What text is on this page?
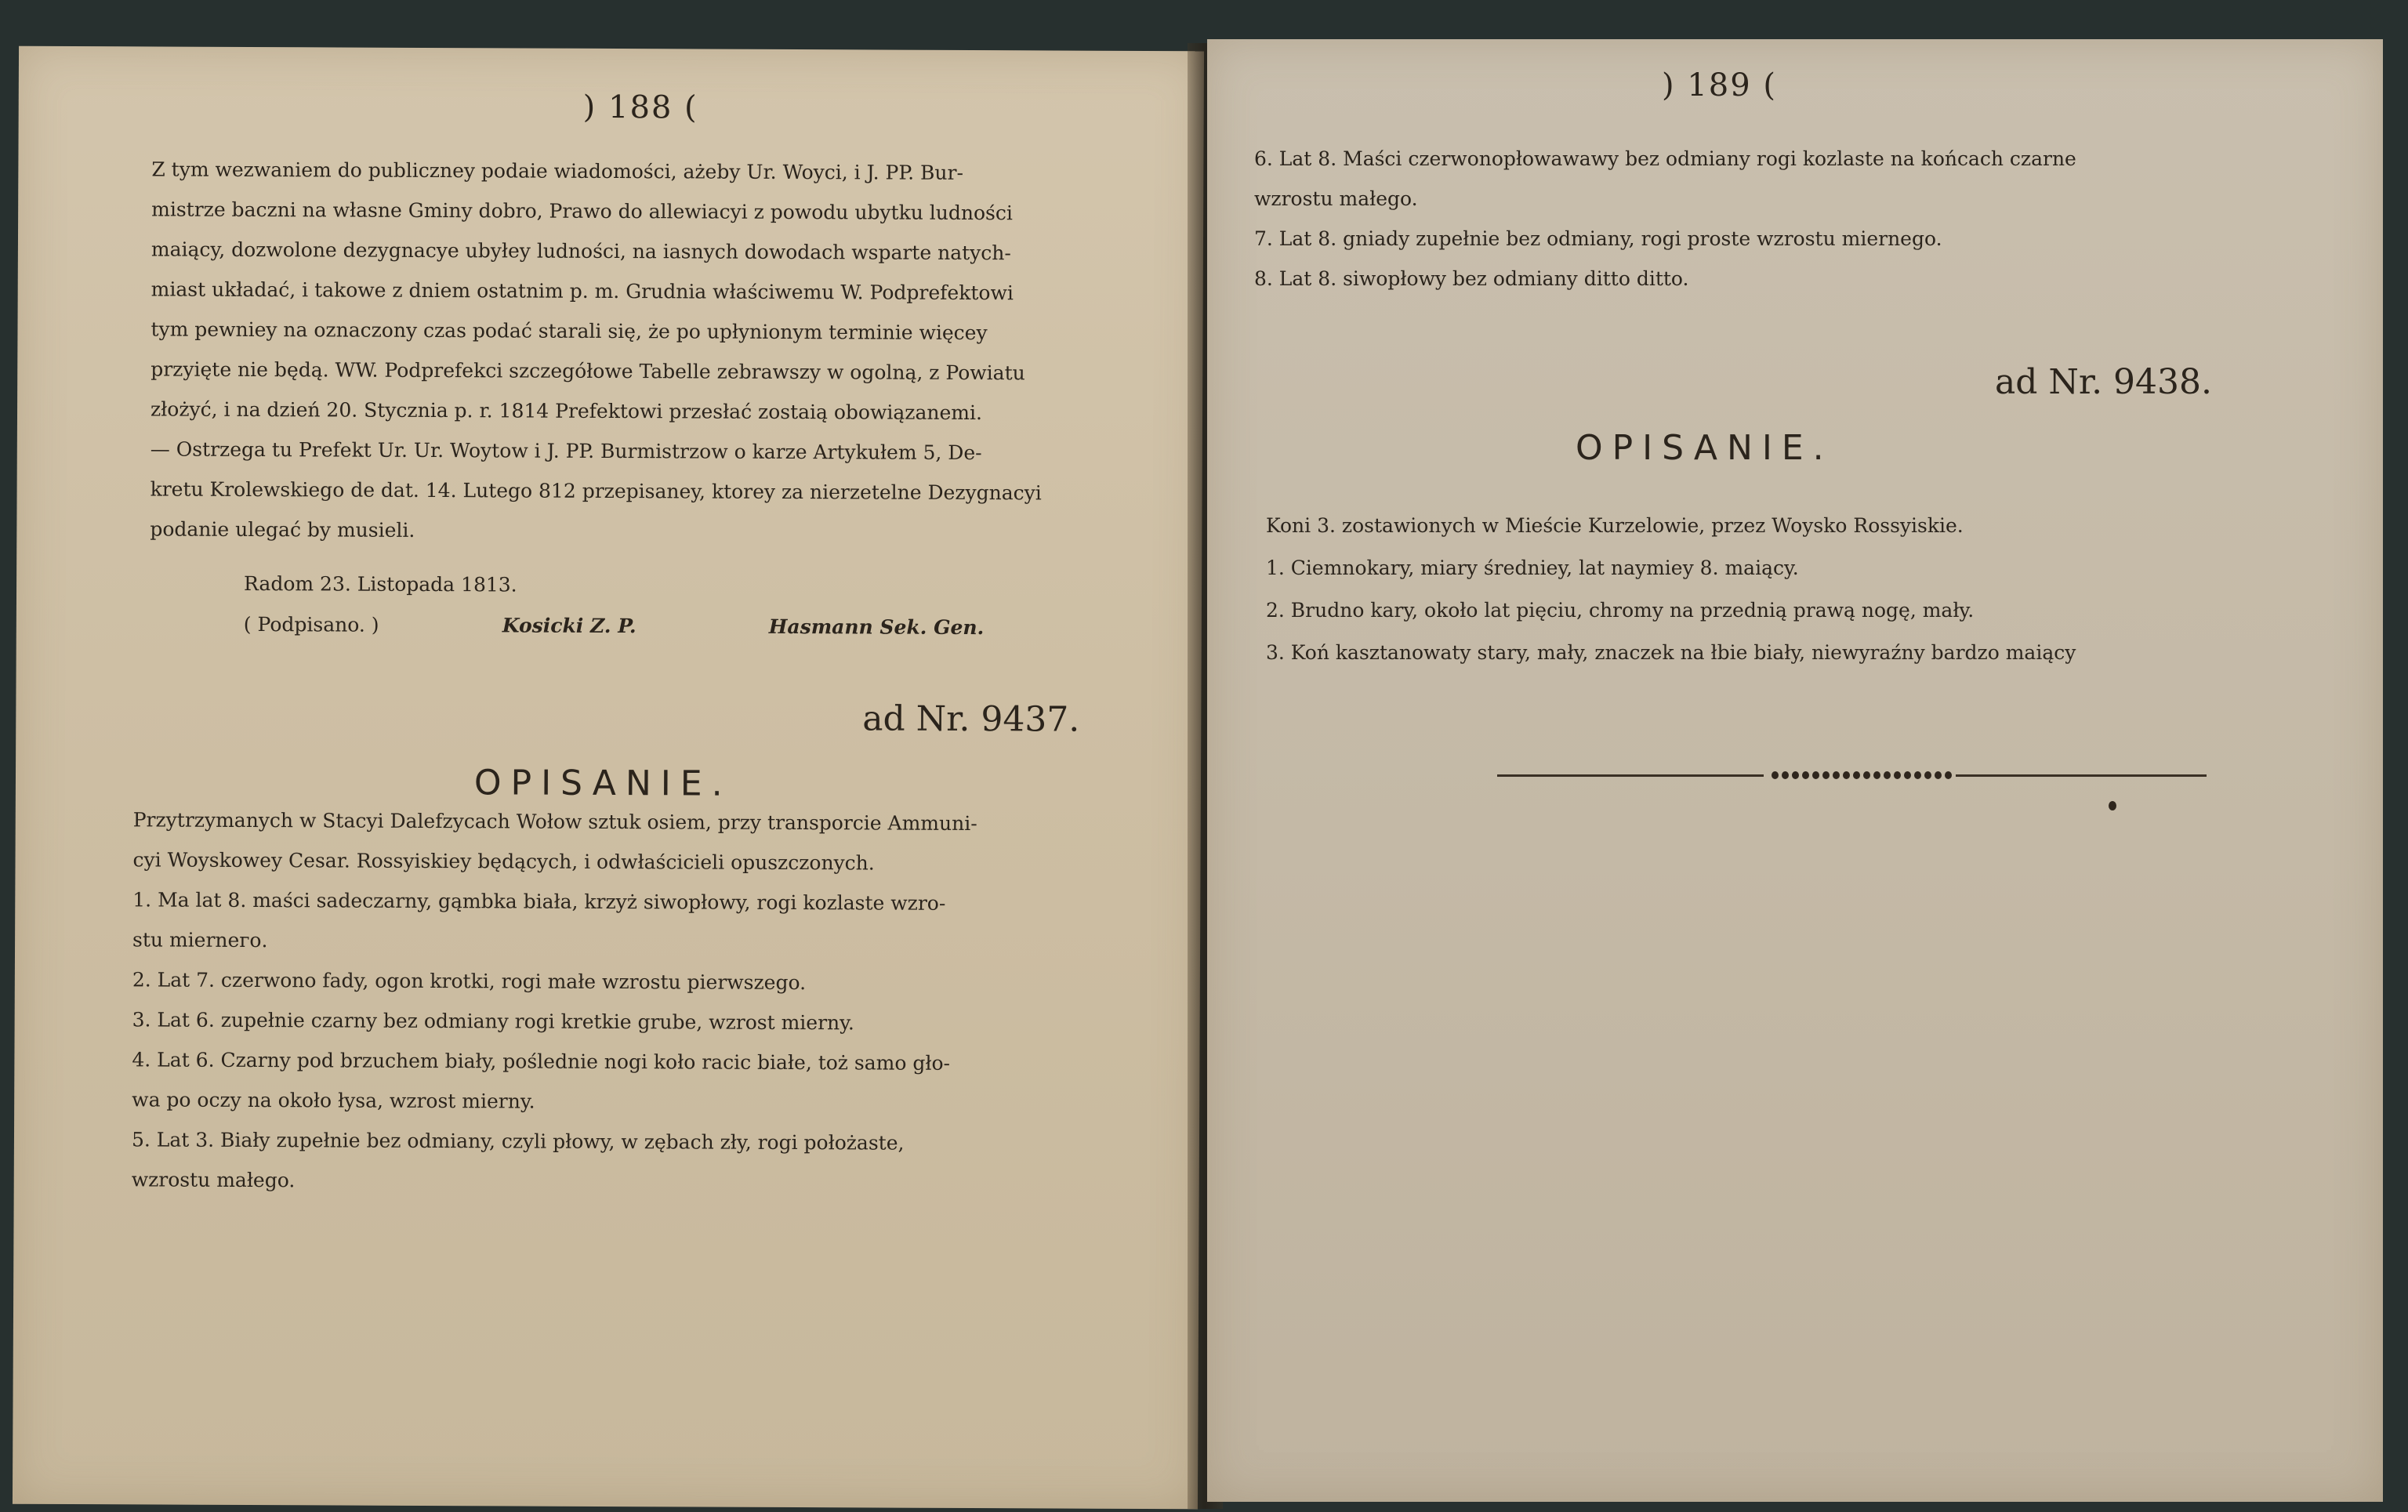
) 188 (
Z tym wezwaniem do publiczney podaie wiadomości, ażeby Ur. Woyci, i J. PP. Bur-
mistrze baczni na własne Gminy dobro, Prawo do allewiacyi z powodu ubytku ludności
maiący, dozwolone dezygnacye ubyłey ludności, na iasnych dowodach wsparte natych-
miast układać, i takowe z dniem ostatnim p. m. Grudnia właściwemu W. Podprefektowi
tym pewniey na oznaczony czas podać starali się, że po upłynionym terminie więcey
przyięte nie będą. WW. Podprefekci szczegółowe Tabelle zebrawszy w ogolną, z Powiatu
złożyć, i na dzień 20. Stycznia p. r. 1814 Prefektowi przesłać zostaią obowiązanemi.
— Ostrzega tu Prefekt Ur. Ur. Woytow i J. PP. Burmistrzow o karze Artykułem 5, De-
kretu Krolewskiego de dat. 14. Lutego 812 przepisaney, ktorey za nierzetelne Dezygnacyi
podanie ulegać by musieli.
Radom 23. Listopada 1813.
( Podpisano. )	Kosicki Z. P.	Hasmann Sek. Gen.
ad Nr. 9437.
OPISANIE.
Przytrzymanych w Stacyi Dalefzycach Wołow sztuk osiem, przy transporcie Ammuni-
cyi Woyskowey Cesar. Rossyiskiey będących, i odwłaścicieli opuszczonych.
1. Ma lat 8. maści sadeczarny, gąmbka biała, krzyż siwopłowy, rogi kozlaste wzro-
stu mierneго.
2. Lat 7. czerwono fady, ogon krotki, rogi małe wzrostu pierwszego.
3. Lat 6. zupełnie czarny bez odmiany rogi kretkie grube, wzrost mierny.
4. Lat 6. Czarny pod brzuchem biały, poślednie nogi koło racic białe, toż samo gło-
wa po oczy na około łysa, wzrost mierny.
5. Lat 3. Biały zupełnie bez odmiany, czyli płowy, w zębach zły, rogi położaste,
wzrostu małego.
) 189 (
6. Lat 8. Maści czerwonopłowawawy bez odmiany rogi kozlaste na końcach czarne
wzrostu małego.
7. Lat 8. gniady zupełnie bez odmiany, rogi proste wzrostu miernego.
8. Lat 8. siwopłowy bez odmiany ditto ditto.
ad Nr. 9438.
OPISANIE.
Koni 3. zostawionych w Mieście Kurzelowie, przez Woysko Rossyiskie.
1. Ciemnokary, miary średniey, lat naymiey 8. maiący.
2. Brudno kary, około lat pięciu, chromy na przednią prawą nogę, mały.
3. Koń kasztanowaty stary, mały, znaczek na łbie biały, niewyraźny bardzo maiący
